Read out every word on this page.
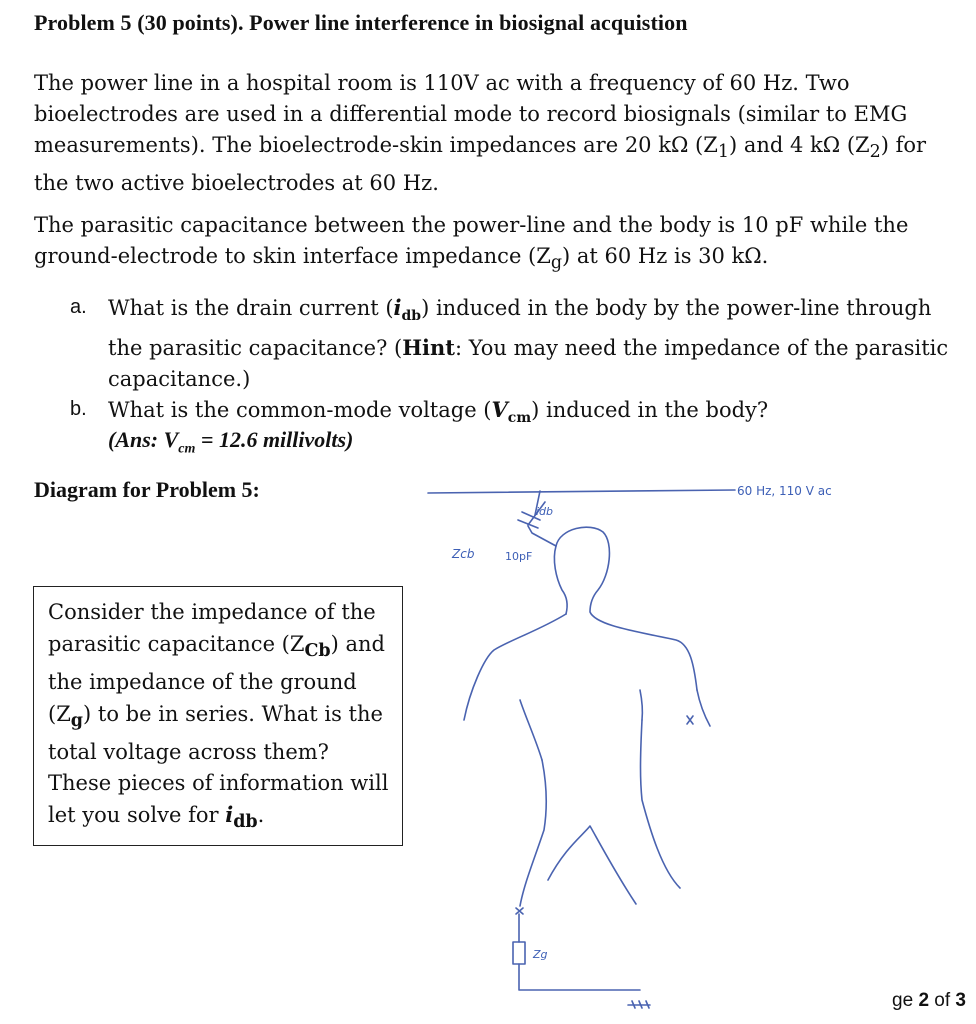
Problem 5 (30 points). Power line interference in biosignal acquistion
The power line in a hospital room is 110V ac with a frequency of 60 Hz. Two bioelectrodes are used in a differential mode to record biosignals (similar to EMG measurements). The bioelectrode-skin impedances are 20 kΩ $(Z_1)$ and 4 kΩ $(Z_2)$ for the two active bioelectrodes at 60 Hz.
The parasitic capacitance between the power-line and the body is 10 pF while the ground-electrode to skin interface impedance $(Z_g)$ at 60 Hz is 30 kΩ.
a. What is the drain current $(i_{db})$ induced in the body by the power-line through the parasitic capacitance? (Hint: You may need the impedance of the parasitic capacitance.)
b. What is the common-mode voltage $(V_{cm})$ induced in the body?
(Ans: $V_{cm} = 12.6$ millivolts)
Diagram for Problem 5:
Consider the impedance of the parasitic capacitance $(Z_{Cb})$ and the impedance of the ground $(Z_g)$ to be in series. What is the total voltage across them? These pieces of information will let you solve for $i_{db}$.
60 Hz, 110 V ac
idb
Zcb	10pF
Zg
ge 2 of 3
